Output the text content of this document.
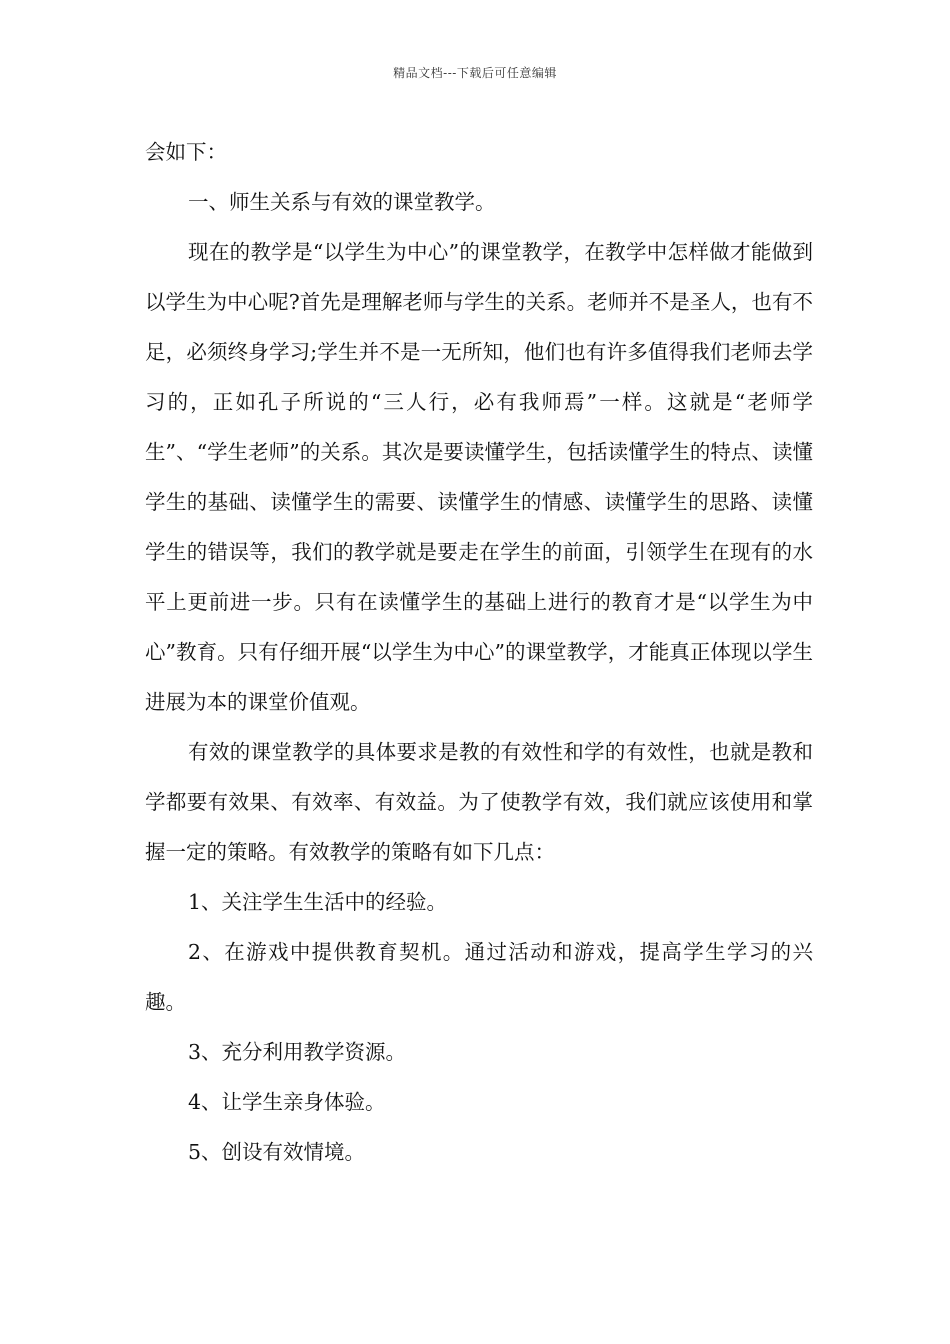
精品文档---下载后可任意编辑

会如下：

一、师生关系与有效的课堂教学。

现在的教学是“以学生为中心”的课堂教学，在教学中怎样做才能做到以学生为中心呢?首先是理解老师与学生的关系。老师并不是圣人，也有不足，必须终身学习;学生并不是一无所知，他们也有许多值得我们老师去学习的，正如孔子所说的“三人行，必有我师焉”一样。这就是“老师学生”、“学生老师”的关系。其次是要读懂学生，包括读懂学生的特点、读懂学生的基础、读懂学生的需要、读懂学生的情感、读懂学生的思路、读懂学生的错误等，我们的教学就是要走在学生的前面，引领学生在现有的水平上更前进一步。只有在读懂学生的基础上进行的教育才是“以学生为中心”教育。只有仔细开展“以学生为中心”的课堂教学，才能真正体现以学生进展为本的课堂价值观。

有效的课堂教学的具体要求是教的有效性和学的有效性，也就是教和学都要有效果、有效率、有效益。为了使教学有效，我们就应该使用和掌握一定的策略。有效教学的策略有如下几点：

1、关注学生生活中的经验。

2、在游戏中提供教育契机。通过活动和游戏，提高学生学习的兴趣。

3、充分利用教学资源。

4、让学生亲身体验。

5、创设有效情境。
